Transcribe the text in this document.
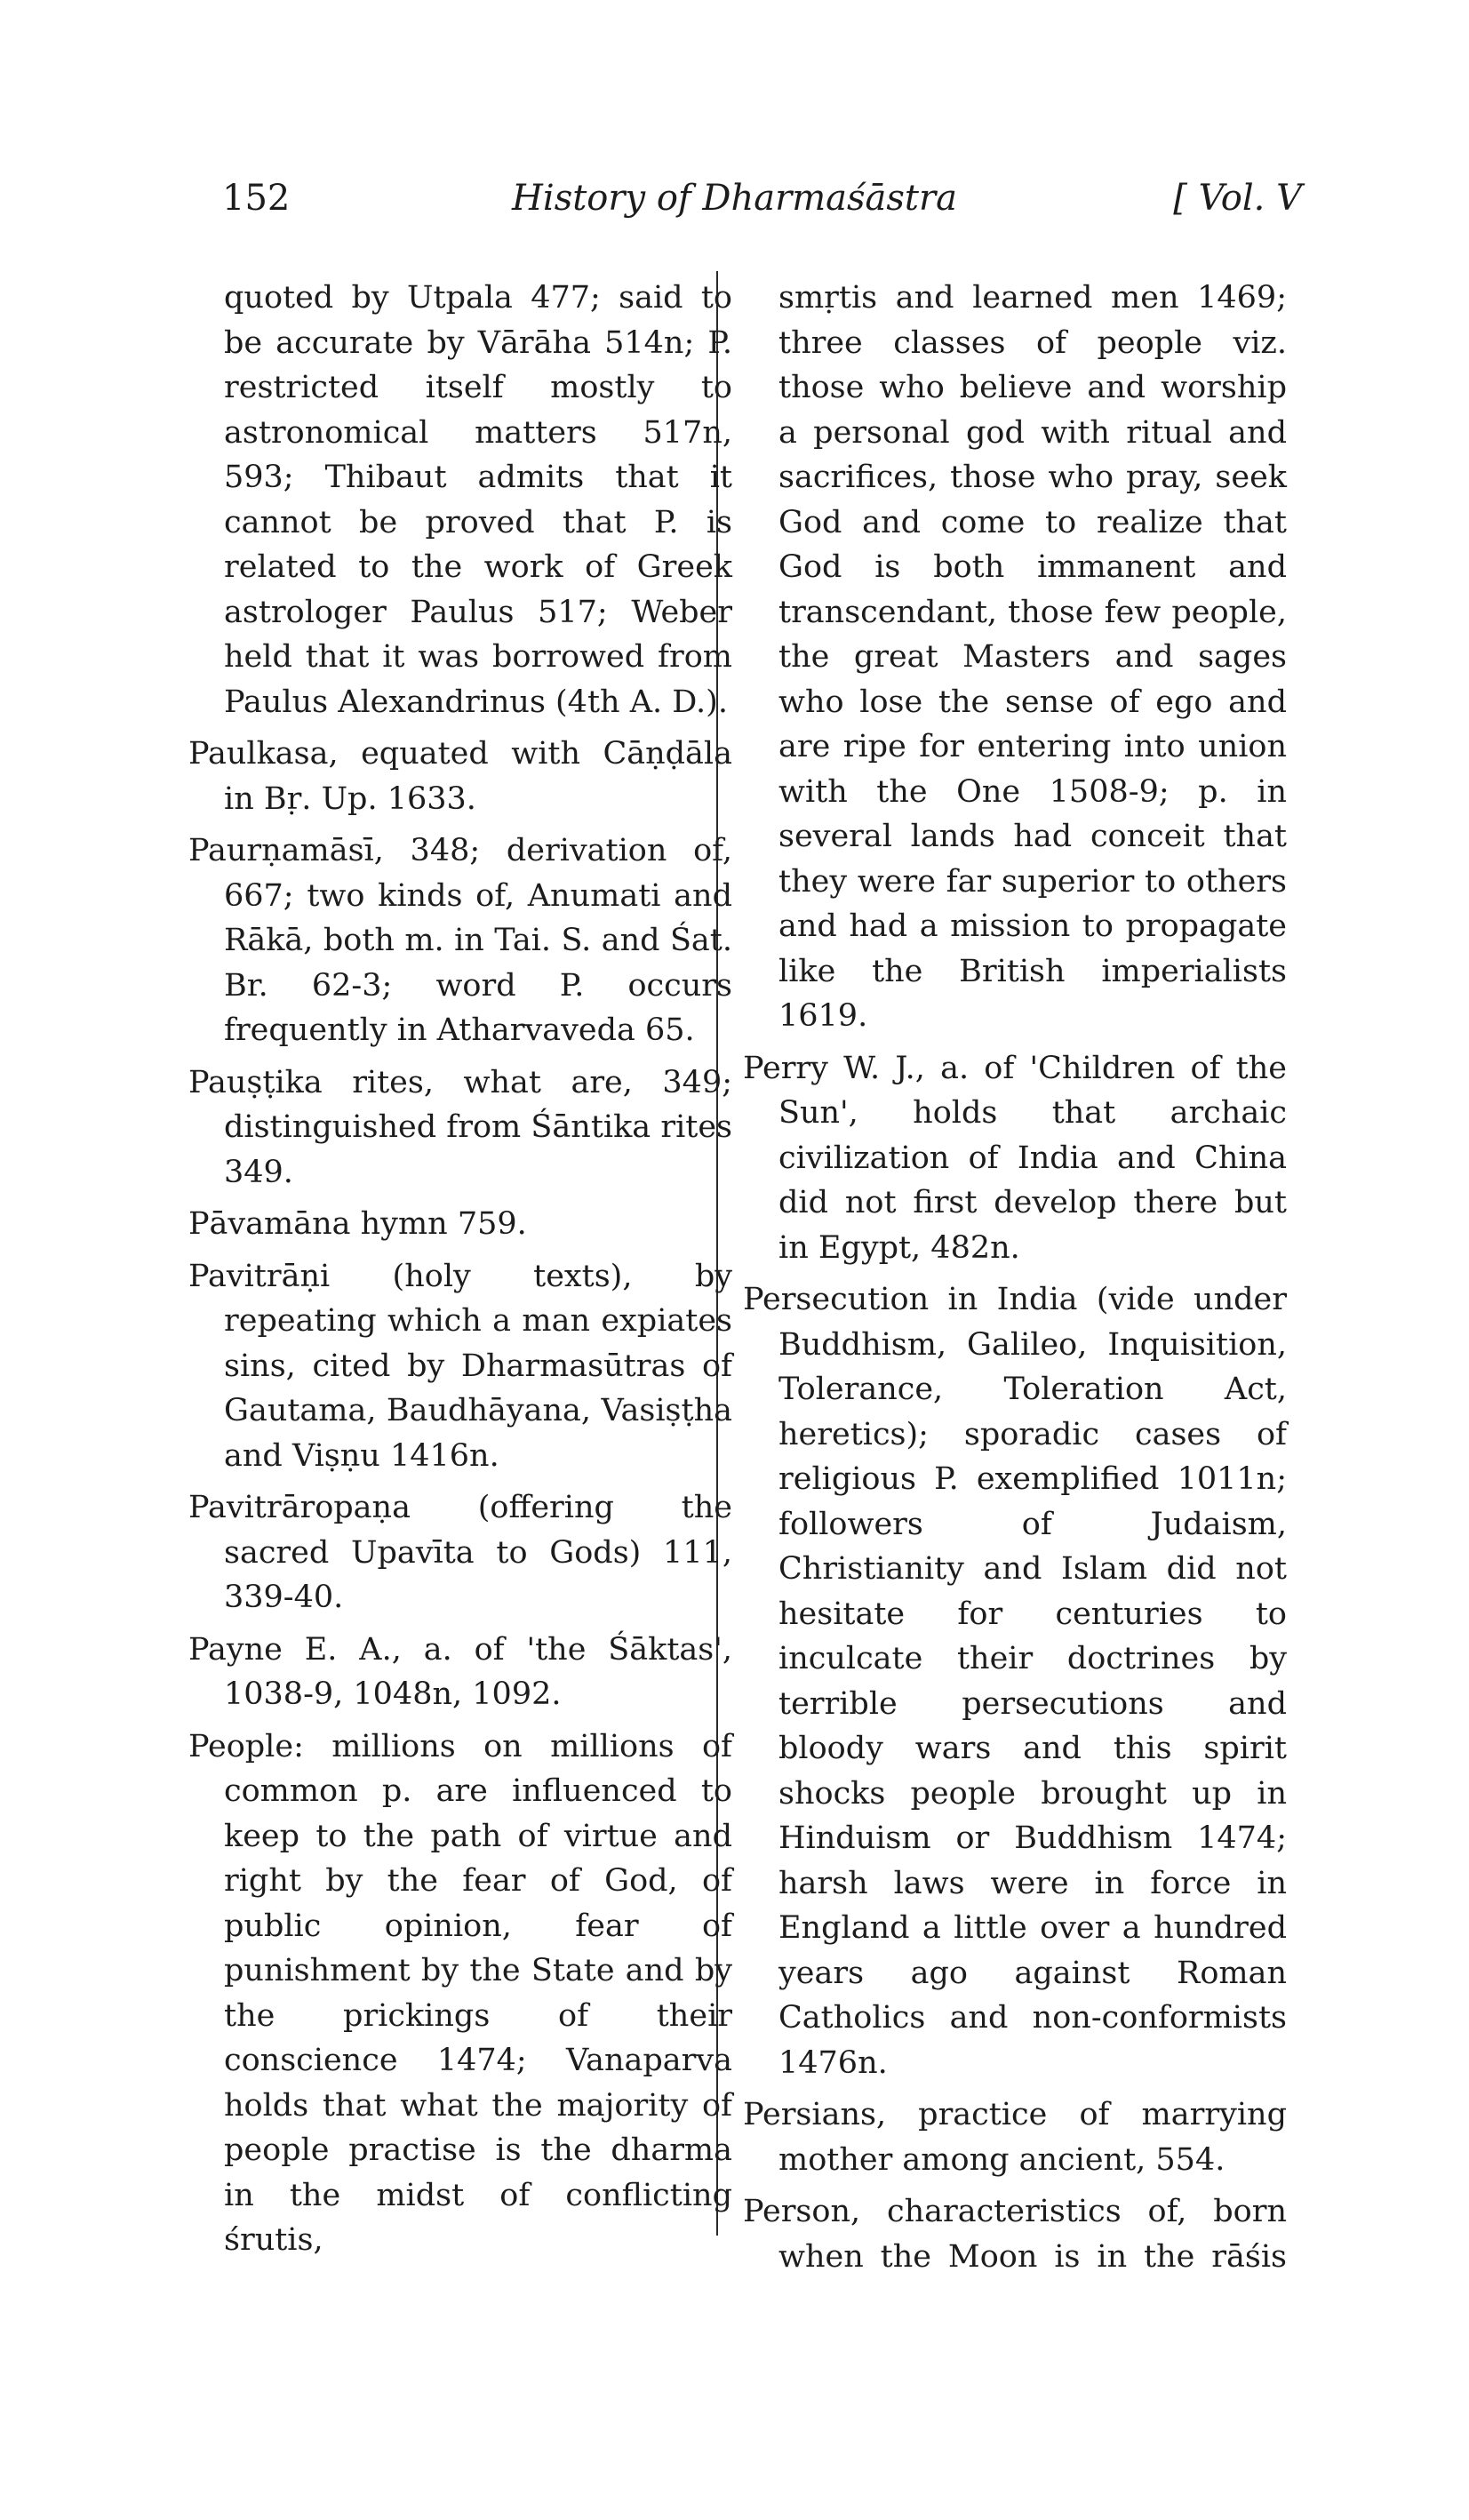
152	History of Dharmaśāstra	[ Vol. V

quoted by Utpala 477; said to be accurate by Vārāha 514n; P. restricted itself mostly to astronomical matters 517n, 593; Thibaut admits that it cannot be proved that P. is related to the work of Greek astrologer Paulus 517; Weber held that it was borrowed from Paulus Alexandrinus (4th A. D.).

Paulkasa, equated with Cāṇḍāla in Bṛ. Up. 1633.

Paurṇamāsī, 348; derivation of, 667; two kinds of, Anumati and Rākā, both m. in Tai. S. and Śat. Br. 62-3; word P. occurs frequently in Atharvaveda 65.

Pauṣṭika rites, what are, 349; distinguished from Śāntika rites 349.

Pāvamāna hymn 759.

Pavitrāṇi (holy texts), by repeating which a man expiates sins, cited by Dharmasūtras of Gautama, Baudhāyana, Vasiṣṭha and Viṣṇu 1416n.

Pavitrāropaṇa (offering the sacred Upavīta to Gods) 111, 339-40.

Payne E. A., a. of 'the Śāktas', 1038-9, 1048n, 1092.

People: millions on millions of common p. are influenced to keep to the path of virtue and right by the fear of God, of public opinion, fear of punishment by the State and by the prickings of their conscience 1474; Vanaparva holds that what the majority of people practise is the dharma in the midst of conflicting śrutis,

smṛtis and learned men 1469; three classes of people viz. those who believe and worship a personal god with ritual and sacrifices, those who pray, seek God and come to realize that God is both immanent and transcendant, those few people, the great Masters and sages who lose the sense of ego and are ripe for entering into union with the One 1508-9; p. in several lands had conceit that they were far superior to others and had a mission to propagate like the British imperialists 1619.

Perry W. J., a. of 'Children of the Sun', holds that archaic civilization of India and China did not first develop there but in Egypt, 482n.

Persecution in India (vide under Buddhism, Galileo, Inquisition, Tolerance, Toleration Act, heretics); sporadic cases of religious P. exemplified 1011n; followers of Judaism, Christianity and Islam did not hesitate for centuries to inculcate their doctrines by terrible persecutions and bloody wars and this spirit shocks people brought up in Hinduism or Buddhism 1474; harsh laws were in force in England a little over a hundred years ago against Roman Catholics and non-conformists 1476n.

Persians, practice of marrying mother among ancient, 554.

Person, characteristics of, born when the Moon is in the rāśis
